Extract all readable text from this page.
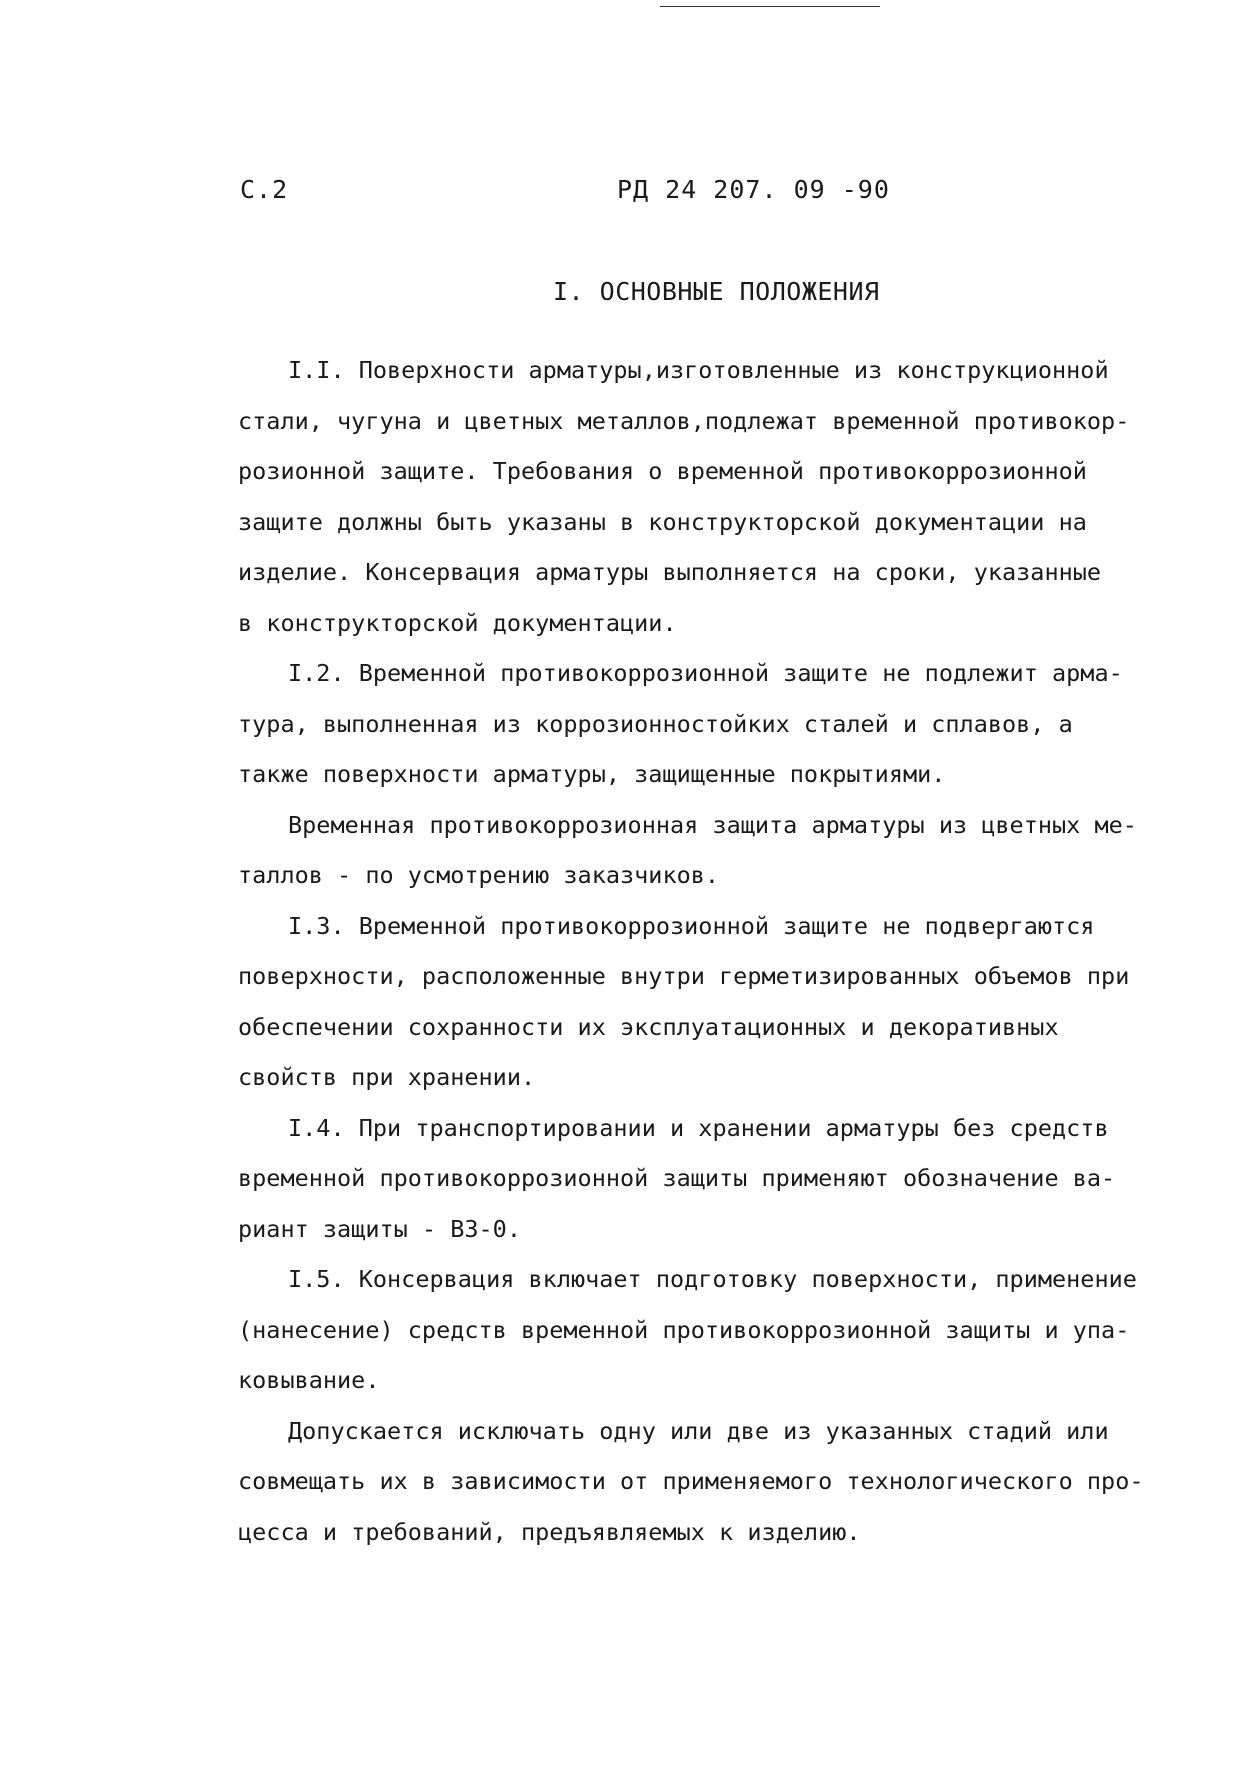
С.2	РД 24 207. 09 -90
I. ОСНОВНЫЕ ПОЛОЖЕНИЯ
I.I. Поверхности арматуры,изготовленные из конструкционной
стали, чугуна и цветных металлов,подлежат временной противокор-
розионной защите. Требования о временной противокоррозионной
защите должны быть указаны в конструкторской документации на
изделие. Консервация арматуры выполняется на сроки, указанные
в конструкторской документации.
I.2. Временной противокоррозионной защите не подлежит арма-
тура, выполненная из коррозионностойких сталей и сплавов, а
также поверхности арматуры, защищенные покрытиями.
Временная противокоррозионная защита арматуры из цветных ме-
таллов - по усмотрению заказчиков.
I.3. Временной противокоррозионной защите не подвергаются
поверхности, расположенные внутри герметизированных объемов при
обеспечении сохранности их эксплуатационных и декоративных
свойств при хранении.
I.4. При транспортировании и хранении арматуры без средств
временной противокоррозионной защиты применяют обозначение ва-
риант защиты - ВЗ-0.
I.5. Консервация включает подготовку поверхности, применение
(нанесение) средств временной противокоррозионной защиты и упа-
ковывание.
Допускается исключать одну или две из указанных стадий или
совмещать их в зависимости от применяемого технологического про-
цесса и требований, предъявляемых к изделию.
